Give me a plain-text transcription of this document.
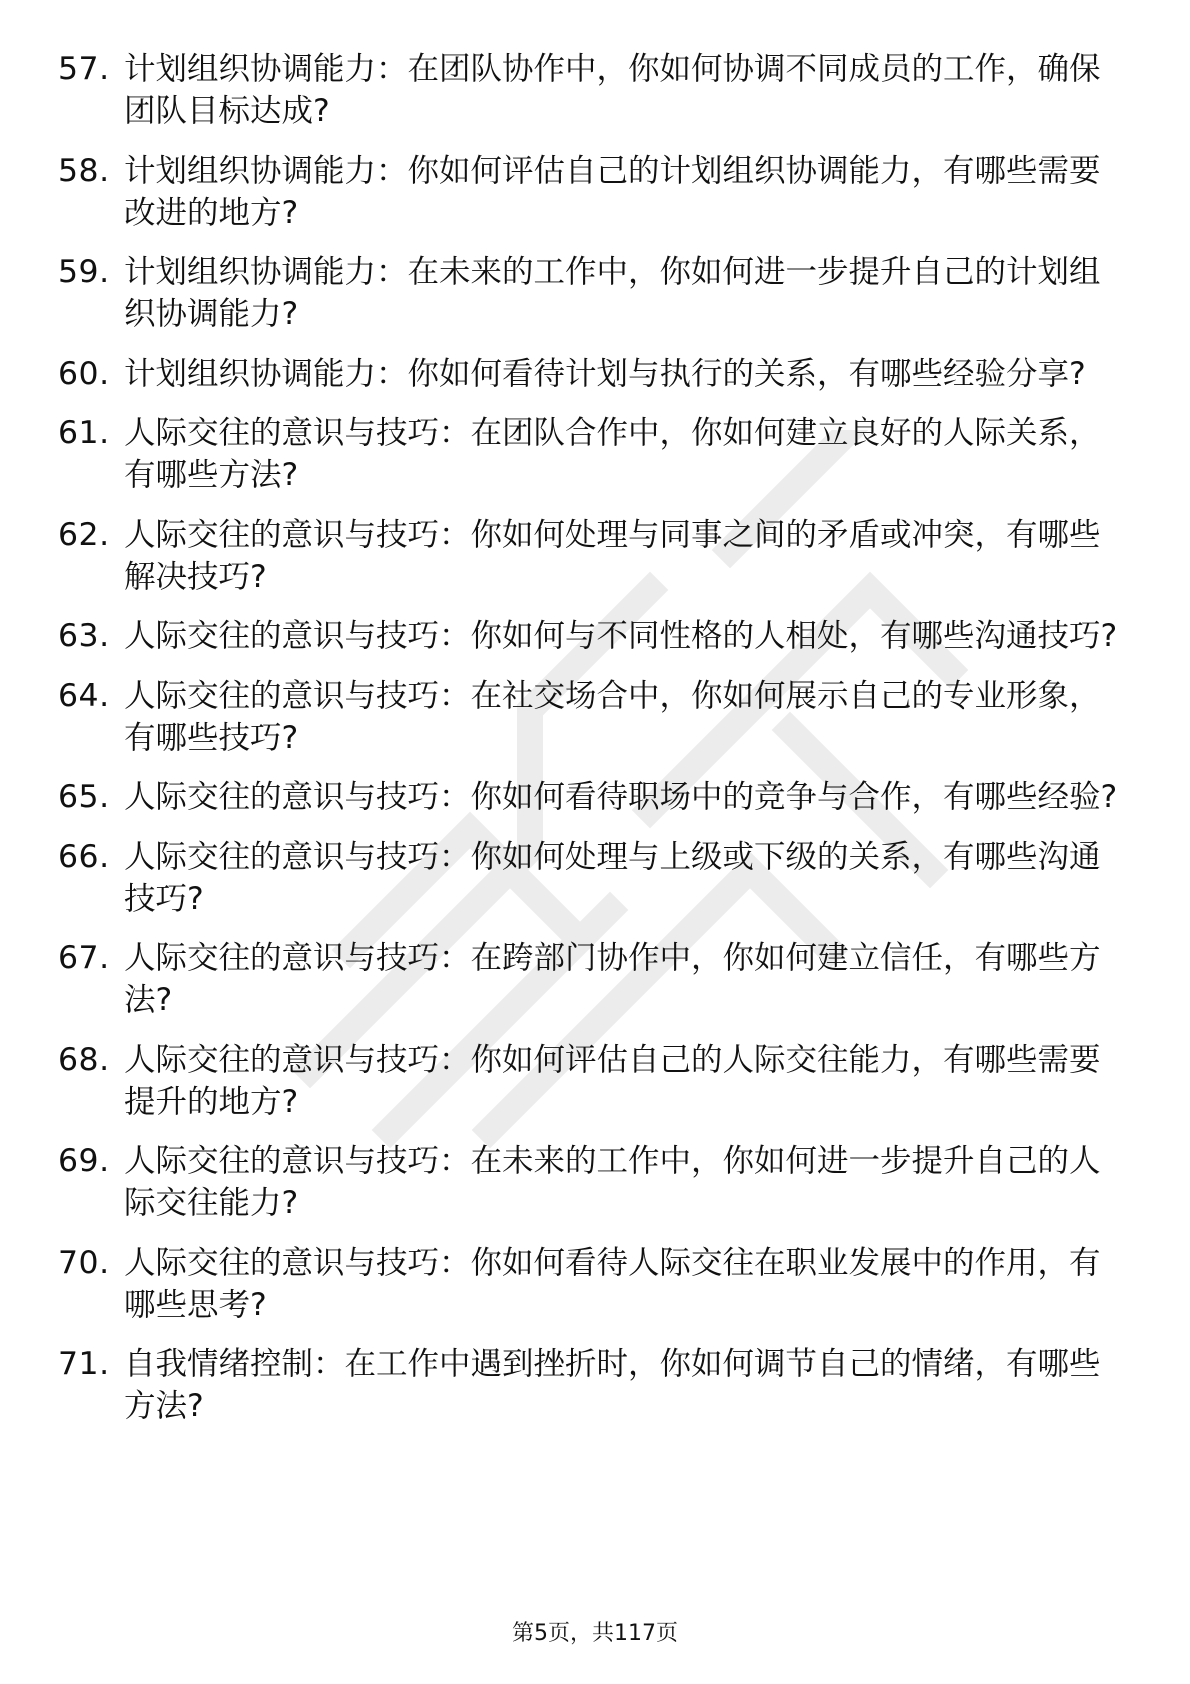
57. 计划组织协调能力：在团队协作中，你如何协调不同成员的工作，确保团队目标达成?
58. 计划组织协调能力：你如何评估自己的计划组织协调能力，有哪些需要改进的地方?
59. 计划组织协调能力：在未来的工作中，你如何进一步提升自己的计划组织协调能力?
60. 计划组织协调能力：你如何看待计划与执行的关系，有哪些经验分享?
61. 人际交往的意识与技巧：在团队合作中，你如何建立良好的人际关系，有哪些方法?
62. 人际交往的意识与技巧：你如何处理与同事之间的矛盾或冲突，有哪些解决技巧?
63. 人际交往的意识与技巧：你如何与不同性格的人相处，有哪些沟通技巧?
64. 人际交往的意识与技巧：在社交场合中，你如何展示自己的专业形象，有哪些技巧?
65. 人际交往的意识与技巧：你如何看待职场中的竞争与合作，有哪些经验?
66. 人际交往的意识与技巧：你如何处理与上级或下级的关系，有哪些沟通技巧?
67. 人际交往的意识与技巧：在跨部门协作中，你如何建立信任，有哪些方法?
68. 人际交往的意识与技巧：你如何评估自己的人际交往能力，有哪些需要提升的地方?
69. 人际交往的意识与技巧：在未来的工作中，你如何进一步提升自己的人际交往能力?
70. 人际交往的意识与技巧：你如何看待人际交往在职业发展中的作用，有哪些思考?
71. 自我情绪控制：在工作中遇到挫折时，你如何调节自己的情绪，有哪些方法?
第5页，共117页
